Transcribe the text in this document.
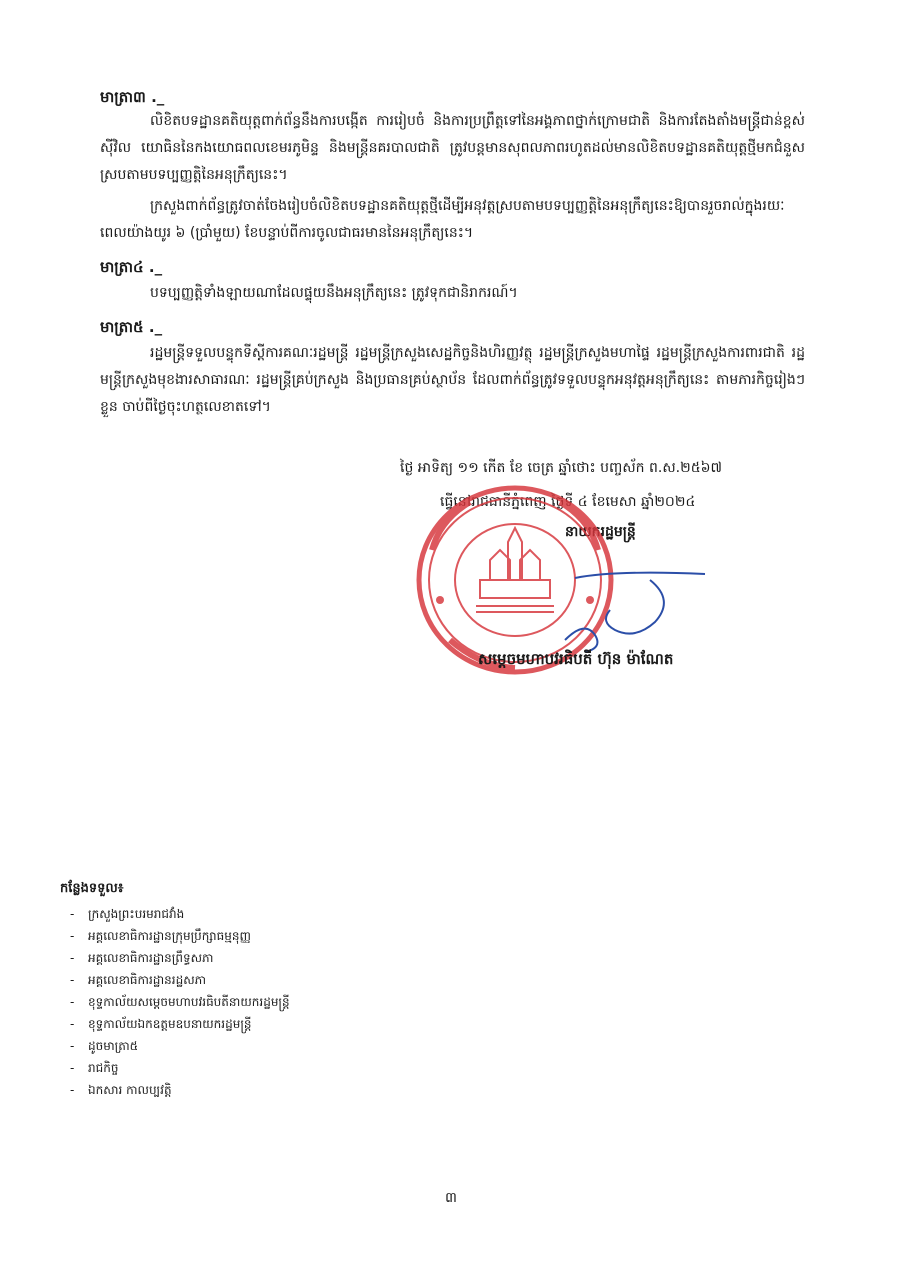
មាត្រា៣ ._
លិខិតបទដ្ឋានគតិយុត្តពាក់ព័ន្ធនឹងការបង្កើត ការរៀបចំ និងការប្រព្រឹត្តទៅនៃអង្គភាពថ្នាក់ក្រោមជាតិ និងការតែងតាំងមន្ត្រីជាន់ខ្ពស់ស៊ីវិល យោធិននៃកងយោធពលខេមរភូមិន្ទ និងមន្ត្រីនគរបាលជាតិ ត្រូវបន្តមានសុពលភាពរហូតដល់មានលិខិតបទដ្ឋានគតិយុត្តថ្មីមកជំនួសស្របតាមបទប្បញ្ញត្តិនៃអនុក្រឹត្យនេះ។
ក្រសួងពាក់ព័ន្ធត្រូវចាត់ចែងរៀបចំលិខិតបទដ្ឋានគតិយុត្តថ្មីដើម្បីអនុវត្តស្របតាមបទប្បញ្ញត្តិនៃអនុក្រឹត្យនេះឱ្យបានរួចរាល់ក្នុងរយៈពេលយ៉ាងយូរ ៦ (ប្រាំមួយ) ខែបន្ទាប់ពីការចូលជាធរមាននៃអនុក្រឹត្យនេះ។
មាត្រា៤ ._
បទប្បញ្ញត្តិទាំងឡាយណាដែលផ្ទុយនឹងអនុក្រឹត្យនេះ ត្រូវទុកជានិរាករណ៍។
មាត្រា៥ ._
រដ្ឋមន្ត្រីទទួលបន្ទុកទីស្តីការគណៈរដ្ឋមន្ត្រី រដ្ឋមន្ត្រីក្រសួងសេដ្ឋកិច្ចនិងហិរញ្ញវត្ថុ រដ្ឋមន្ត្រីក្រសួងមហាផ្ទៃ រដ្ឋមន្ត្រីក្រសួងការពារជាតិ រដ្ឋមន្ត្រីក្រសួងមុខងារសាធារណៈ រដ្ឋមន្ត្រីគ្រប់ក្រសួង និងប្រធានគ្រប់ស្ថាប័ន ដែលពាក់ព័ន្ធត្រូវទទួលបន្ទុកអនុវត្តអនុក្រឹត្យនេះ តាមភារកិច្ចរៀងៗខ្លួន ចាប់ពីថ្ងៃចុះហត្ថលេខាតទៅ។
ថ្ងៃ អាទិត្យ ១១ កើត ខែ ចេត្រ ឆ្នាំថោះ បញ្ចស័ក ព.ស.២៥៦៧
ធ្វើនៅរាជធានីភ្នំពេញ ថ្ងៃទី ៤ ខែមេសា ឆ្នាំ២០២៤
នាយករដ្ឋមន្ត្រី
សម្តេចមហាបវរធិបតី ហ៊ុន ម៉ាណែត
កន្លែងទទួល៖
- ក្រសួងព្រះបរមរាជវាំង
- អគ្គលេខាធិការដ្ឋានក្រុមប្រឹក្សាធម្មនុញ្ញ
- អគ្គលេខាធិការដ្ឋានព្រឹទ្ធសភា
- អគ្គលេខាធិការដ្ឋានរដ្ឋសភា
- ខុទ្ទកាល័យសម្តេចមហាបវរធិបតីនាយករដ្ឋមន្ត្រី
- ខុទ្ទកាល័យឯកឧត្តមឧបនាយករដ្ឋមន្ត្រី
- ដូចមាត្រា៥
- រាជកិច្ច
- ឯកសារ កាលប្បវត្តិ
៣
